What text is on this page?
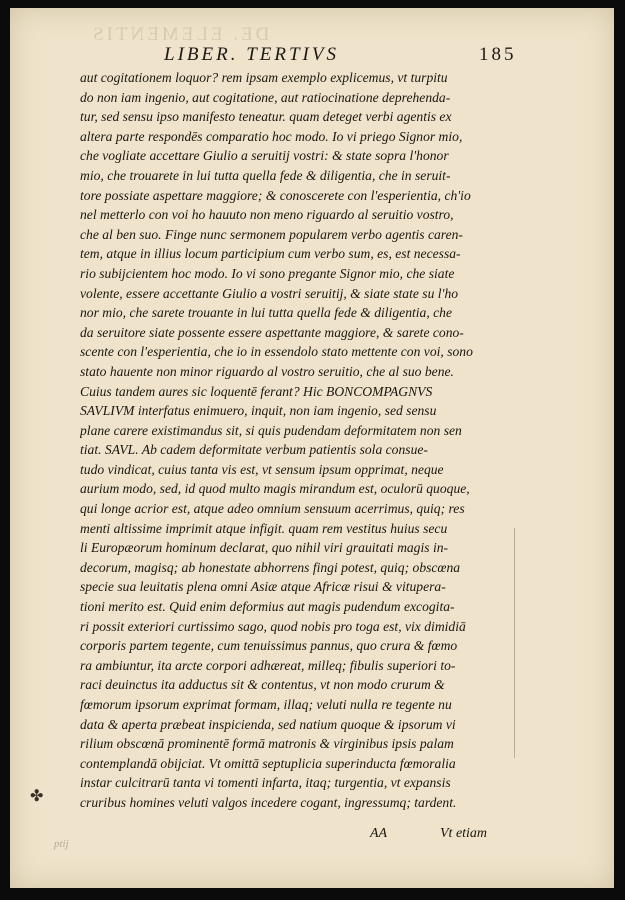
DE. ELEMENTIS
LIBER. TERTIVS	185
aut cogitationem loquor? rem ipsam exemplo explicemus, vt turpitu
do non iam ingenio, aut cogitatione, aut ratiocinatione deprehenda-
tur, sed sensu ipso manifesto teneatur. quam deteget verbi agentis ex
altera parte respondēs comparatio hoc modo. Io vi priego Signor mio,
che vogliate accettare Giulio a seruitij vostri: & state sopra l'honor
mio, che trouarete in lui tutta quella fede & diligentia, che in seruit-
tore possiate aspettare maggiore; & conoscerete con l'esperientia, ch'io
nel metterlo con voi ho hauuto non meno riguardo al seruitio vostro,
che al ben suo. Finge nunc sermonem popularem verbo agentis caren-
tem, atque in illius locum participium cum verbo sum, es, est necessa-
rio subijcientem hoc modo. Io vi sono pregante Signor mio, che siate
volente, essere accettante Giulio a vostri seruitij, & siate state su l'ho
nor mio, che sarete trouante in lui tutta quella fede & diligentia, che
da seruitore siate possente essere aspettante maggiore, & sarete cono-
scente con l'esperientia, che io in essendolo stato mettente con voi, sono
stato hauente non minor riguardo al vostro seruitio, che al suo bene.
Cuius tandem aures sic loquentē ferant? Hic BONCOMPAGNVS
SAVLIVM interfatus enimuero, inquit, non iam ingenio, sed sensu
plane carere existimandus sit, si quis pudendam deformitatem non sen
tiat. SAVL. Ab cadem deformitate verbum patientis sola consue-
tudo vindicat, cuius tanta vis est, vt sensum ipsum opprimat, neque
aurium modo, sed, id quod multo magis mirandum est, oculorū quoque,
qui longe acrior est, atque adeo omnium sensuum acerrimus, quiq; res
menti altissime imprimit atque infigit. quam rem vestitus huius secu
li Europæorum hominum declarat, quo nihil viri grauitati magis in-
decorum, magisq; ab honestate abhorrens fingi potest, quiq; obscœna
specie sua leuitatis plena omni Asiæ atque Africæ risui & vitupera-
tioni merito est. Quid enim deformius aut magis pudendum excogita-
ri possit exteriori curtissimo sago, quod nobis pro toga est, vix dimidiā
corporis partem tegente, cum tenuissimus pannus, quo crura & fœmo
ra ambiuntur, ita arcte corpori adhæreat, milleq; fibulis superiori to-
raci deuinctus ita adductus sit & contentus, vt non modo crurum &
fœmorum ipsorum exprimat formam, illaq; veluti nulla re tegente nu
data & aperta præbeat inspicienda, sed natium quoque & ipsorum vi
rilium obscœnā prominentē formā matronis & virginibus ipsis palam
contemplandā obijciat. Vt omittā septuplicia superinducta fœmoralia
instar culcitrarū tanta vi tomenti infarta, itaq; turgentia, vt expansis
cruribus homines veluti valgos incedere cogant, ingressumq; tardent.
✤
ptij
AA	Vt etiam
